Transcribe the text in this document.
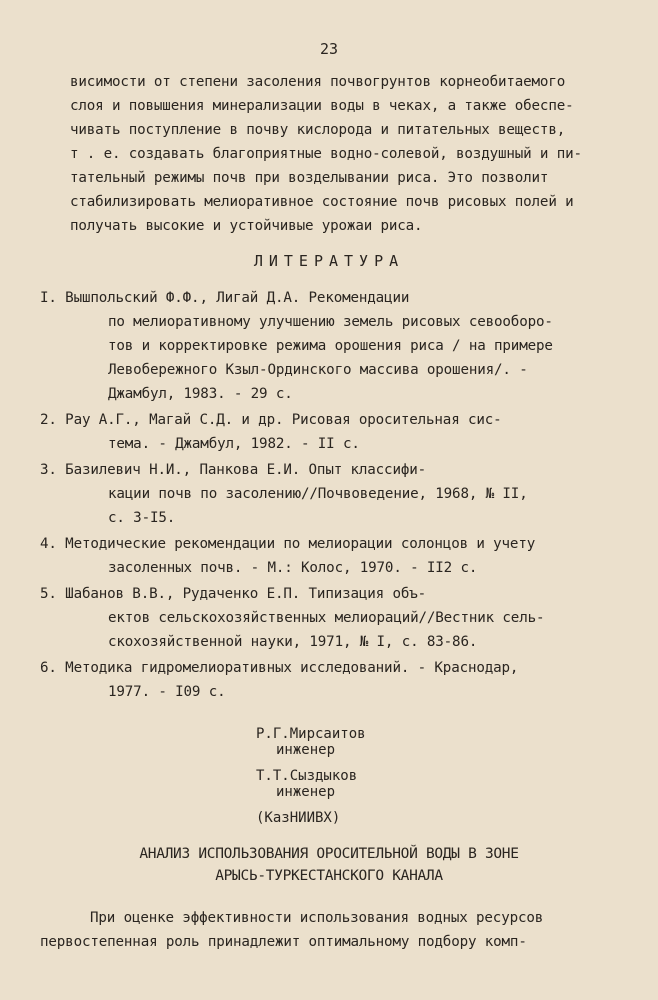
23
висимости от степени засоления почвогрунтов корнеобитаемого
слоя и повышения минерализации воды в чеках, а также обеспе-
чивать поступление в почву кислорода и питательных веществ,
т . е. создавать благоприятные водно-солевой, воздушный и пи-
тательный режимы почв при возделывании риса. Это позволит
стабилизировать мелиоративное состояние почв рисовых полей и
получать высокие и устойчивые урожаи риса.
ЛИТЕРАТУРА
I. Вышпольский Ф.Ф., Лигай Д.А. Рекомендации
по мелиоративному улучшению земель рисовых севооборо-
тов и корректировке режима орошения риса / на примере
Левобережного Кзыл-Ординского массива орошения/. -
Джамбул, 1983. - 29 с.
2. Рау А.Г., Магай С.Д. и др. Рисовая оросительная сис-
тема. - Джамбул, 1982. - II с.
3. Базилевич Н.И., Панкова Е.И. Опыт классифи-
кации почв по засолению//Почвоведение, 1968, № II,
с. 3-I5.
4. Методические рекомендации по мелиорации солонцов и учету
засоленных почв. - М.: Колос, 1970. - II2 с.
5. Шабанов В.В., Рудаченко Е.П. Типизация объ-
ектов сельскохозяйственных мелиораций//Вестник сель-
скохозяйственной науки, 1971, № I, с. 83-86.
6. Методика гидромелиоративных исследований. - Краснодар,
1977. - I09 с.
Р.Г.Мирсаитов
инженер
Т.Т.Сыздыков
инженер
(КазНИИВХ)
АНАЛИЗ ИСПОЛЬЗОВАНИЯ ОРОСИТЕЛЬНОЙ ВОДЫ В ЗОНЕ
АРЫСЬ-ТУРКЕСТАНСКОГО КАНАЛА
При оценке эффективности использования водных ресурсов
первостепенная роль принадлежит оптимальному подбору комп-
